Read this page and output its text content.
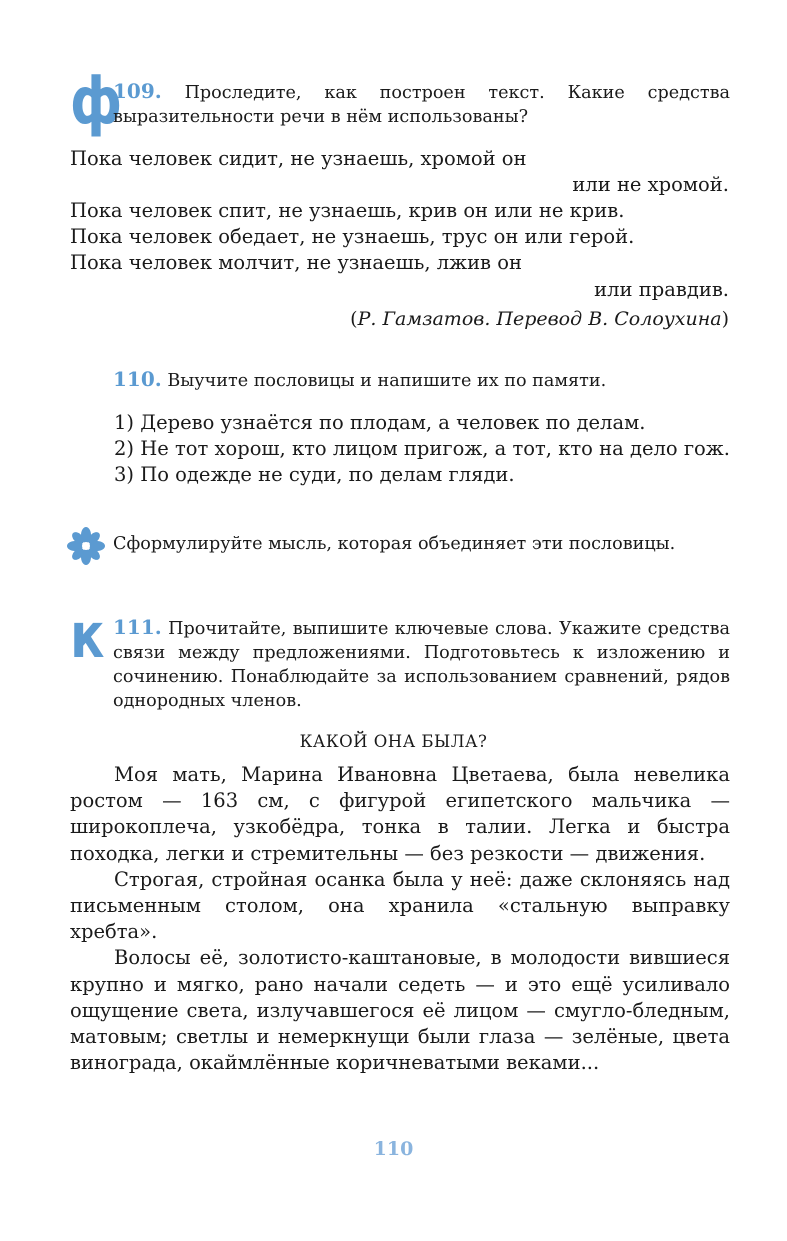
ф
109. Проследите, как построен текст. Какие средства выразительности речи в нём использованы?
Пока человек сидит, не узнаешь, хромой он
или не хромой.
Пока человек спит, не узнаешь, крив он или не крив.
Пока человек обедает, не узнаешь, трус он или герой.
Пока человек молчит, не узнаешь, лжив он
или правдив.
(Р. Гамзатов. Перевод В. Солоухина)
110. Выучите пословицы и напишите их по памяти.
1) Дерево узнаётся по плодам, а человек по делам.
2) Не тот хорош, кто лицом пригож, а тот, кто на дело гож.
3) По одежде не суди, по делам гляди.
Сформулируйте мысль, которая объединяет эти пословицы.
к 111. Прочитайте, выпишите ключевые слова. Укажите средства связи между предложениями. Подготовьтесь к изложению и сочинению. Понаблюдайте за использованием сравнений, рядов однородных членов.
КАКОЙ ОНА БЫЛА?

Моя мать, Марина Ивановна Цветаева, была невелика ростом — 163 см, с фигурой египетского мальчика — широкоплеча, узкобёдра, тонка в талии. Легка и быстра походка, легки и стремительны — без резкости — движения.

Строгая, стройная осанка была у неё: даже склоняясь над письменным столом, она хранила «стальную выправку хребта».

Волосы её, золотисто-каштановые, в молодости вившиеся крупно и мягко, рано начали седеть — и это ещё усиливало ощущение света, излучавшегося её лицом — смугло-бледным, матовым; светлы и немеркнущи были глаза — зелёные, цвета винограда, окаймлённые коричневатыми веками...

110
